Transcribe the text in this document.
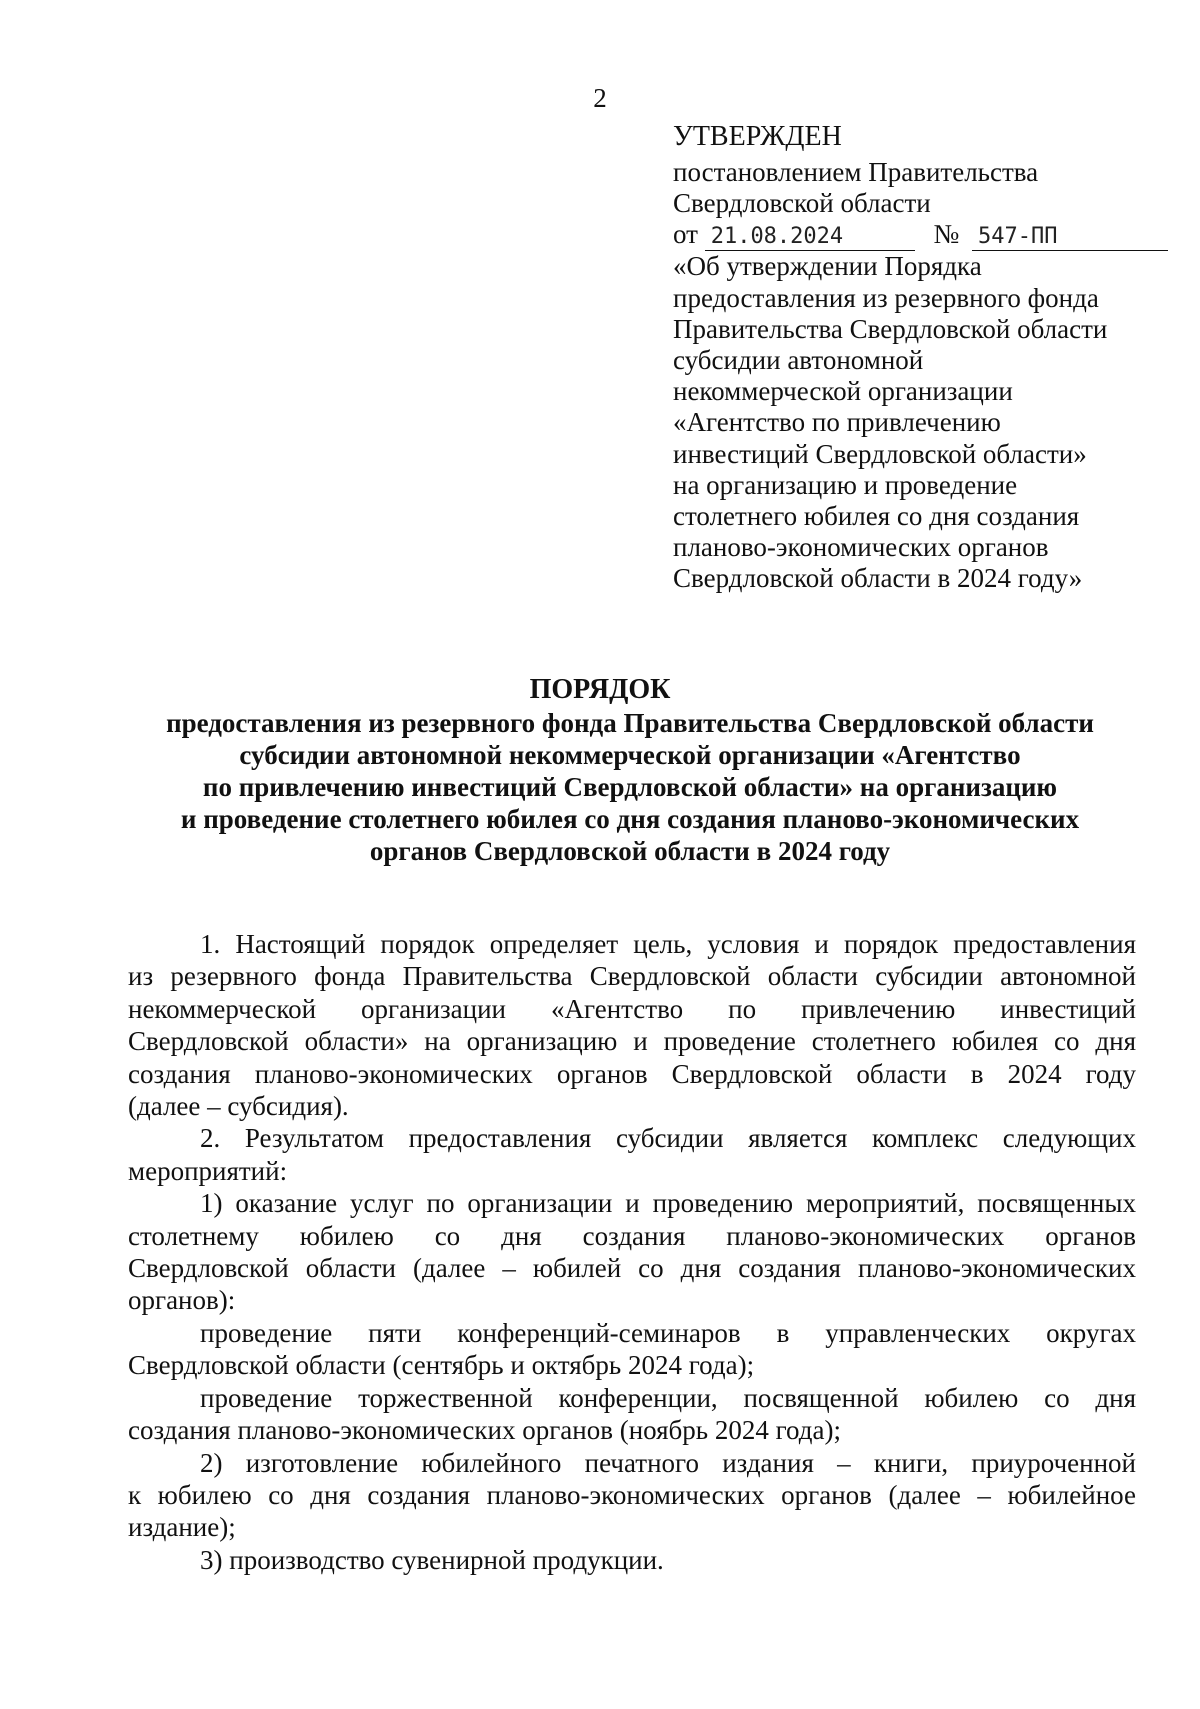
2
УТВЕРЖДЕН
постановлением Правительства
Свердловской области
от 21.08.2024	№ 547-ПП
«Об утверждении Порядка
предоставления из резервного фонда
Правительства Свердловской области
субсидии автономной
некоммерческой организации
«Агентство по привлечению
инвестиций Свердловской области»
на организацию и проведение
столетнего юбилея со дня создания
планово-экономических органов
Свердловской области в 2024 году»
ПОРЯДОК
предоставления из резервного фонда Правительства Свердловской области
субсидии автономной некоммерческой организации «Агентство
по привлечению инвестиций Свердловской области» на организацию
и проведение столетнего юбилея со дня создания планово-экономических
органов Свердловской области в 2024 году
1. Настоящий порядок определяет цель, условия и порядок предоставления
из резервного фонда Правительства Свердловской области субсидии автономной
некоммерческой организации «Агентство по привлечению инвестиций
Свердловской области» на организацию и проведение столетнего юбилея со дня
создания планово-экономических органов Свердловской области в 2024 году
(далее – субсидия).
2. Результатом предоставления субсидии является комплекс следующих
мероприятий:
1) оказание услуг по организации и проведению мероприятий, посвященных
столетнему юбилею со дня создания планово-экономических органов
Свердловской области (далее – юбилей со дня создания планово-экономических
органов):
проведение пяти конференций-семинаров в управленческих округах
Свердловской области (сентябрь и октябрь 2024 года);
проведение торжественной конференции, посвященной юбилею со дня
создания планово-экономических органов (ноябрь 2024 года);
2) изготовление юбилейного печатного издания – книги, приуроченной
к юбилею со дня создания планово-экономических органов (далее – юбилейное
издание);
3) производство сувенирной продукции.
